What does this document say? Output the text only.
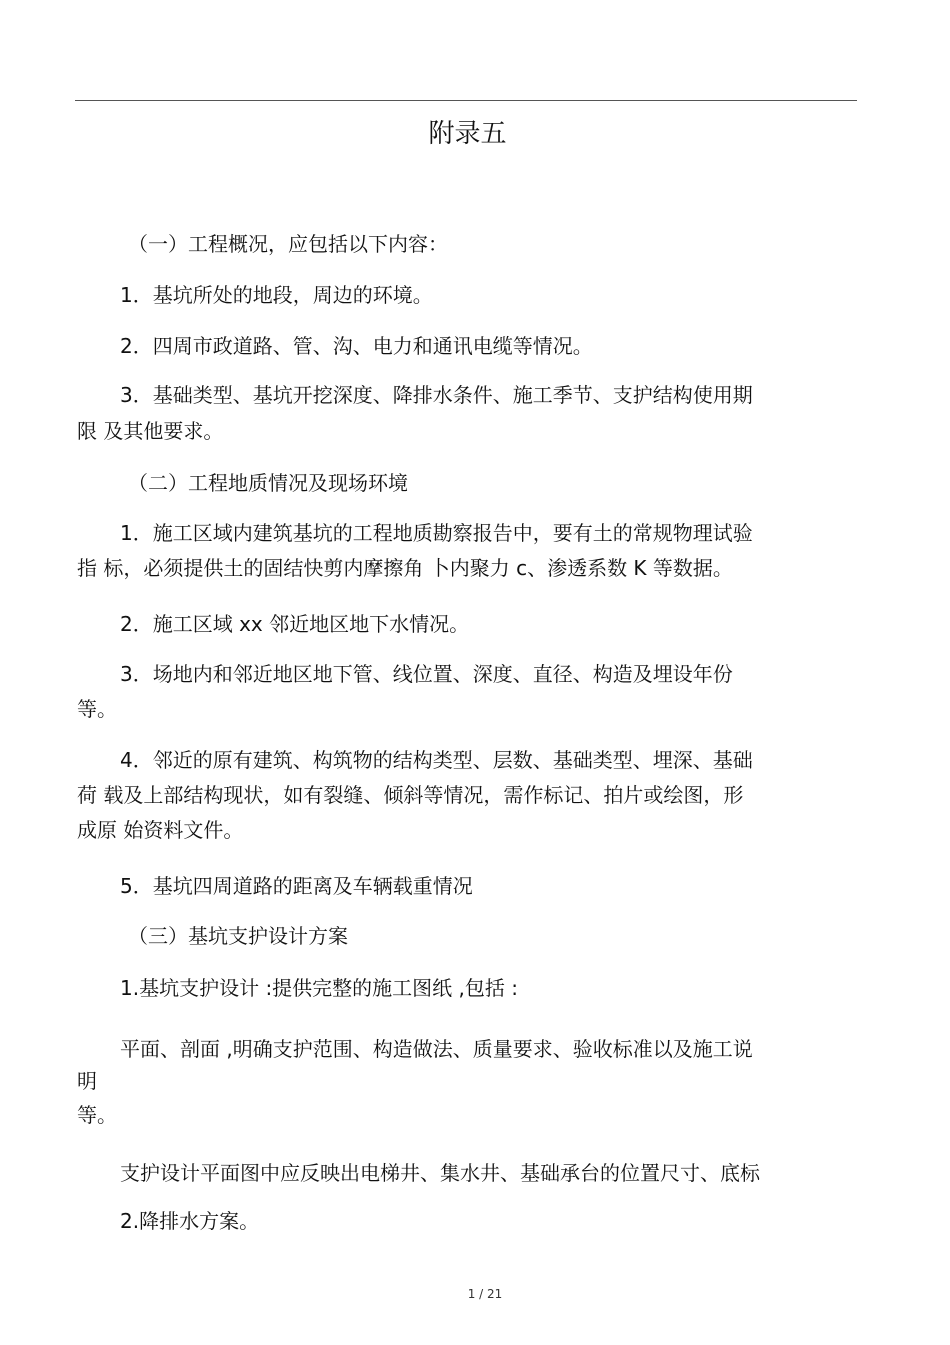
附录五

（一）工程概况，应包括以下内容：

1．基坑所处的地段，周边的环境。

2．四周市政道路、管、沟、电力和通讯电缆等情况。

3．基础类型、基坑开挖深度、降排水条件、施工季节、支护结构使用期

限 及其他要求。

（二）工程地质情况及现场环境

1．施工区域内建筑基坑的工程地质勘察报告中，要有土的常规物理试验

指 标，必须提供土的固结快剪内摩擦角 卜内聚力 c、渗透系数 K 等数据。

2．施工区域 xx 邻近地区地下水情况。

3．场地内和邻近地区地下管、线位置、深度、直径、构造及埋设年份

等。

4．邻近的原有建筑、构筑物的结构类型、层数、基础类型、埋深、基础

荷 载及上部结构现状，如有裂缝、倾斜等情况，需作标记、拍片或绘图，形

成原 始资料文件。

5．基坑四周道路的距离及车辆载重情况

（三）基坑支护设计方案

1.基坑支护设计 :提供完整的施工图纸 ,包括 :

平面、剖面 ,明确支护范围、构造做法、质量要求、验收标准以及施工说

明

等。

支护设计平面图中应反映出电梯井、集水井、基础承台的位置尺寸、底标

2.降排水方案。

1 / 21
